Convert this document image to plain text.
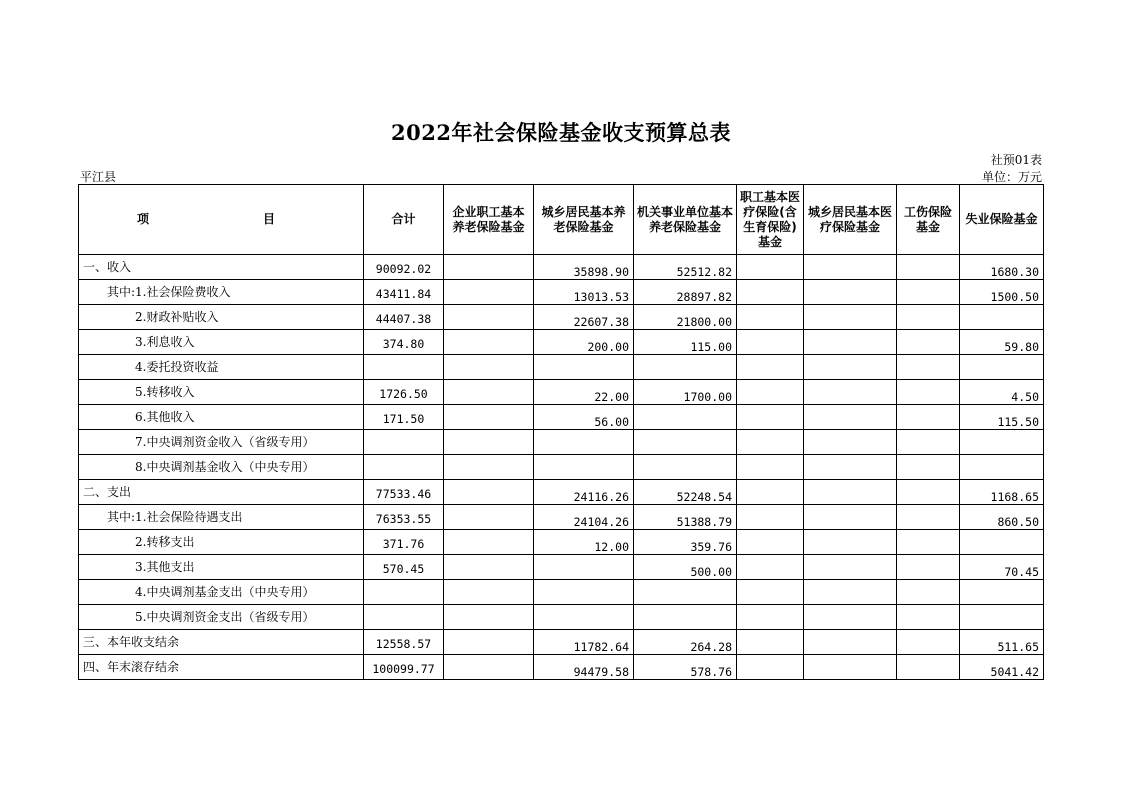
2022年社会保险基金收支预算总表
社预01表
平江县	单位：万元
项　　目	合计	企业职工基本养老保险基金	城乡居民基本养老保险基金	机关事业单位基本养老保险基金	职工基本医疗保险(含生育保险)基金	城乡居民基本医疗保险基金	工伤保险基金	失业保险基金

一、收入	90092.02		35898.90	52512.82				1680.30

其中:1.社会保险费收入	43411.84		13013.53	28897.82				1500.50

2.财政补贴收入	44407.38		22607.38	21800.00				

3.利息收入	374.80		200.00	115.00				59.80

4.委托投资收益								

5.转移收入	1726.50		22.00	1700.00				4.50

6.其他收入	171.50		56.00					115.50

7.中央调剂资金收入（省级专用）								

8.中央调剂基金收入（中央专用）								

二、支出	77533.46		24116.26	52248.54				1168.65

其中:1.社会保险待遇支出	76353.55		24104.26	51388.79				860.50

2.转移支出	371.76		12.00	359.76				

3.其他支出	570.45			500.00				70.45

4.中央调剂基金支出（中央专用）								

5.中央调剂资金支出（省级专用）								

三、本年收支结余	12558.57		11782.64	264.28				511.65

四、年末滚存结余	100099.77		94479.58	578.76				5041.42
